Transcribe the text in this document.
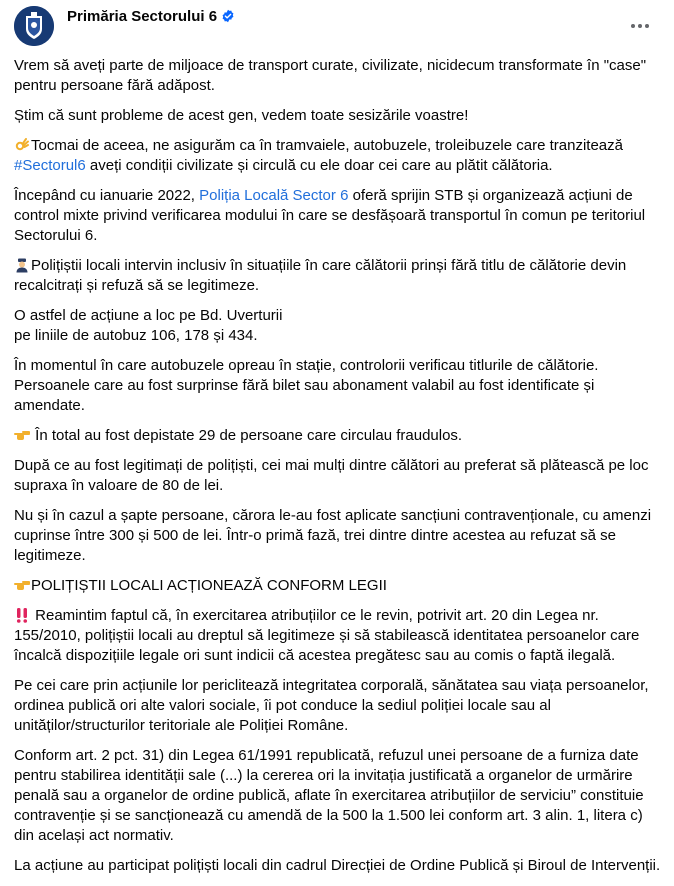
Primăria Sectorului 6

Vrem să aveți parte de miljoace de transport curate, civilizate, nicidecum transformate în "case" pentru persoane fără adăpost.

Știm că sunt probleme de acest gen, vedem toate sesizările voastre!

Tocmai de aceea, ne asigurăm ca în tramvaiele, autobuzele, troleibuzele care tranzitează #Sectorul6 aveți condiții civilizate și circulă cu ele doar cei care au plătit călătoria.

Începând cu ianuarie 2022, Poliția Locală Sector 6 oferă sprijin STB și organizează acțiuni de control mixte privind verificarea modului în care se desfășoară transportul în comun pe teritoriul Sectorului 6.

Polițiștii locali intervin inclusiv în situațiile în care călătorii prinși fără titlu de călătorie devin recalcitrați și refuză să se legitimeze.

O astfel de acțiune a loc pe Bd. Uverturii
pe liniile de autobuz 106, 178 și 434.

În momentul în care autobuzele opreau în stație, controlorii verificau titlurile de călătorie. Persoanele care au fost surprinse fără bilet sau abonament valabil au fost identificate și amendate.

În total au fost depistate 29 de persoane care circulau fraudulos.

După ce au fost legitimați de polițiști, cei mai mulți dintre călători au preferat să plătească pe loc supraxa în valoare de 80 de lei.

Nu și în cazul a șapte persoane, cărora le-au fost aplicate sancțiuni contravenționale, cu amenzi cuprinse între 300 și 500 de lei. Într-o primă fază, trei dintre dintre acestea au refuzat să se legitimeze.

POLIȚIȘTII LOCALI ACȚIONEAZĂ CONFORM LEGII

Reamintim faptul că, în exercitarea atribuțiilor ce le revin, potrivit art. 20 din Legea nr. 155/2010, polițiștii locali au dreptul să legitimeze și să stabilească identitatea persoanelor care încalcă dispozițiile legale ori sunt indicii că acestea pregătesc sau au comis o faptă ilegală.

Pe cei care prin acțiunile lor periclitează integritatea corporală, sănătatea sau viața persoanelor, ordinea publică ori alte valori sociale, îi pot conduce la sediul poliției locale sau al unităților/structurilor teritoriale ale Poliției Române.

Conform art. 2 pct. 31) din Legea 61/1991 republicată, refuzul unei persoane de a furniza date pentru stabilirea identității sale (...) la cererea ori la invitația justificată a organelor de urmărire penală sau a organelor de ordine publică, aflate în exercitarea atribuțiilor de serviciu” constituie contravenție și se sancționează cu amendă de la 500 la 1.500 lei conform art. 3 alin. 1, litera c) din același act normativ.

La acțiune au participat polițiști locali din cadrul Direcției de Ordine Publică și Biroul de Intervenții.
